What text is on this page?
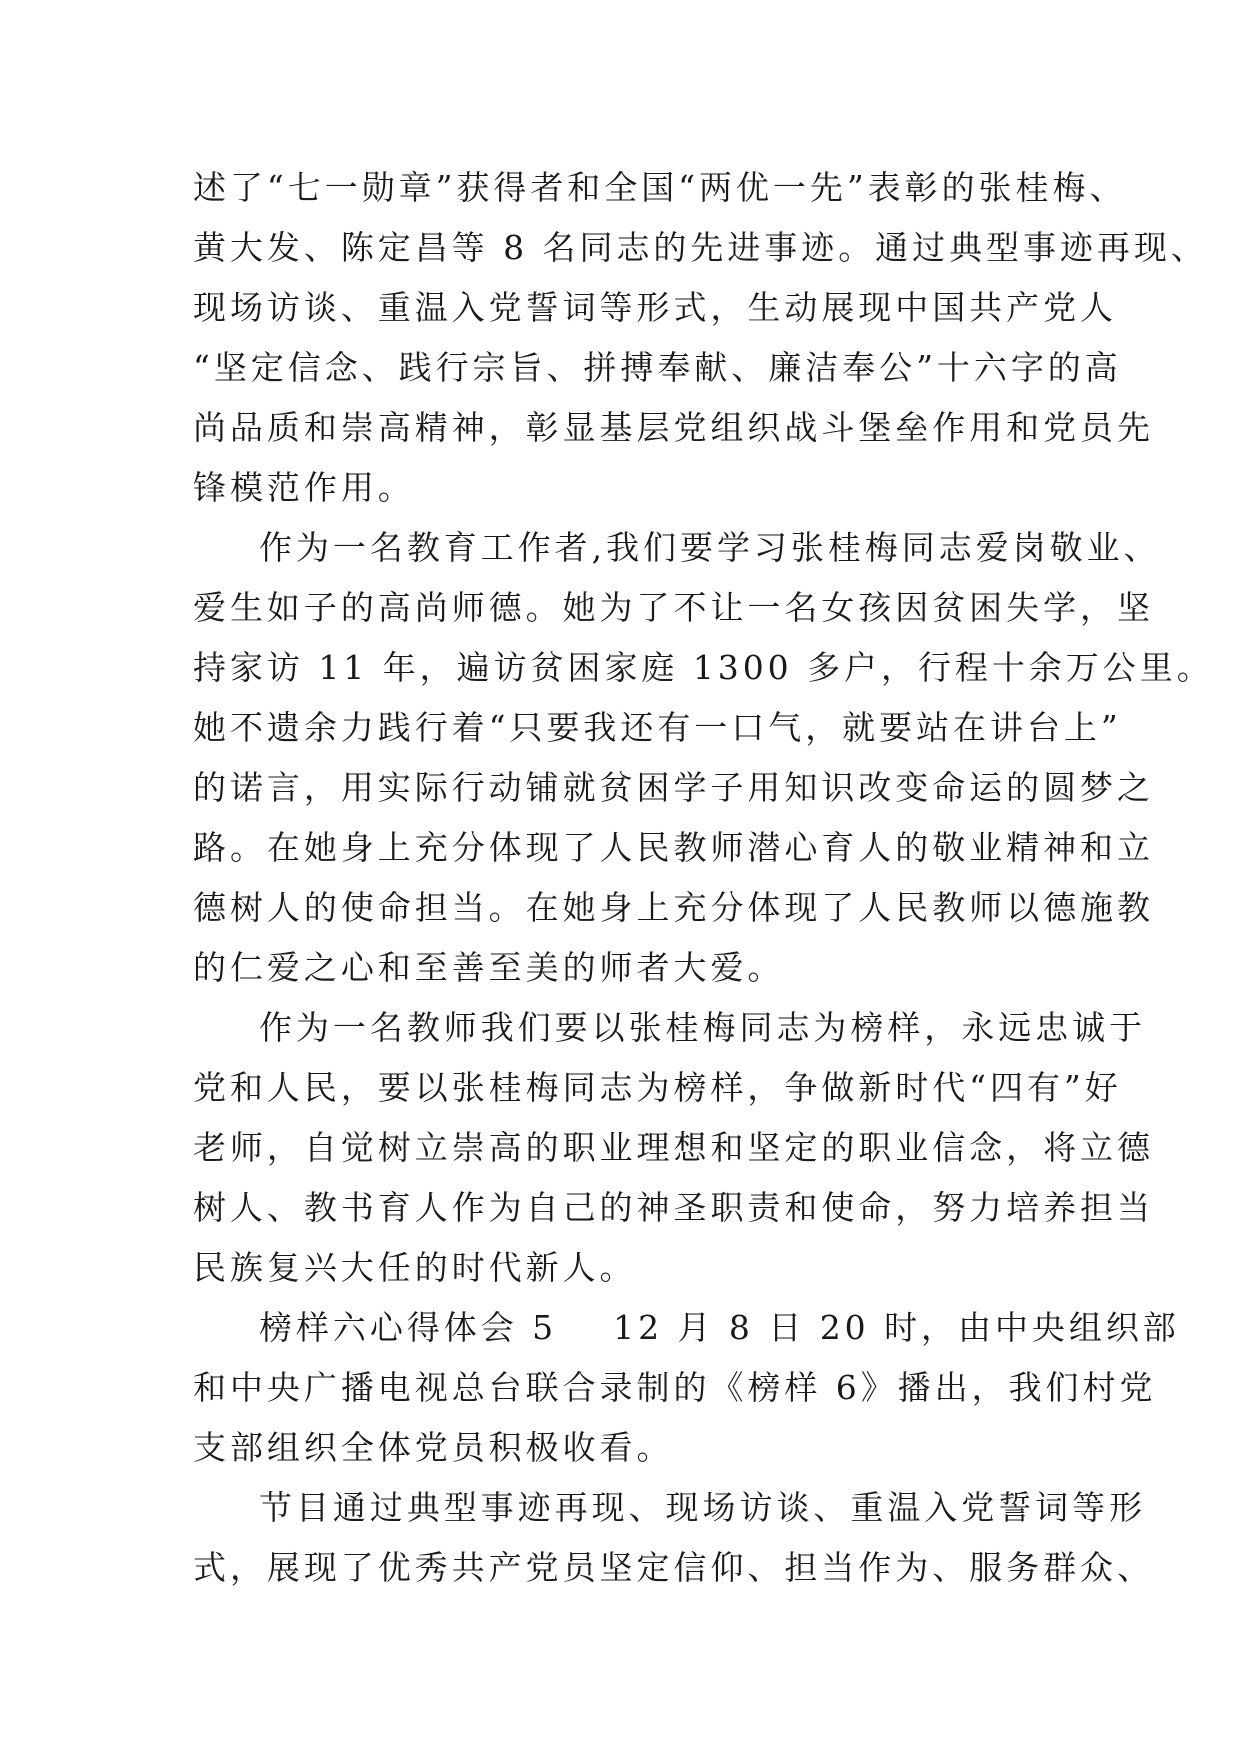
述了“七一勋章”获得者和全国“两优一先”表彰的张桂梅、
黄大发、陈定昌等 8 名同志的先进事迹。通过典型事迹再现、
现场访谈、重温入党誓词等形式，生动展现中国共产党人
“坚定信念、践行宗旨、拼搏奉献、廉洁奉公”十六字的高
尚品质和崇高精神，彰显基层党组织战斗堡垒作用和党员先
锋模范作用。
作为一名教育工作者,我们要学习张桂梅同志爱岗敬业、
爱生如子的高尚师德。她为了不让一名女孩因贫困失学，坚
持家访 11 年，遍访贫困家庭 1300 多户，行程十余万公里。
她不遗余力践行着“只要我还有一口气，就要站在讲台上”
的诺言，用实际行动铺就贫困学子用知识改变命运的圆梦之
路。在她身上充分体现了人民教师潜心育人的敬业精神和立
德树人的使命担当。在她身上充分体现了人民教师以德施教
的仁爱之心和至善至美的师者大爱。
作为一名教师我们要以张桂梅同志为榜样，永远忠诚于
党和人民，要以张桂梅同志为榜样，争做新时代“四有”好
老师，自觉树立崇高的职业理想和坚定的职业信念，将立德
树人、教书育人作为自己的神圣职责和使命，努力培养担当
民族复兴大任的时代新人。
榜样六心得体会 5 12 月 8 日 20 时，由中央组织部
和中央广播电视总台联合录制的《榜样 6》播出，我们村党
支部组织全体党员积极收看。
节目通过典型事迹再现、现场访谈、重温入党誓词等形
式，展现了优秀共产党员坚定信仰、担当作为、服务群众、
